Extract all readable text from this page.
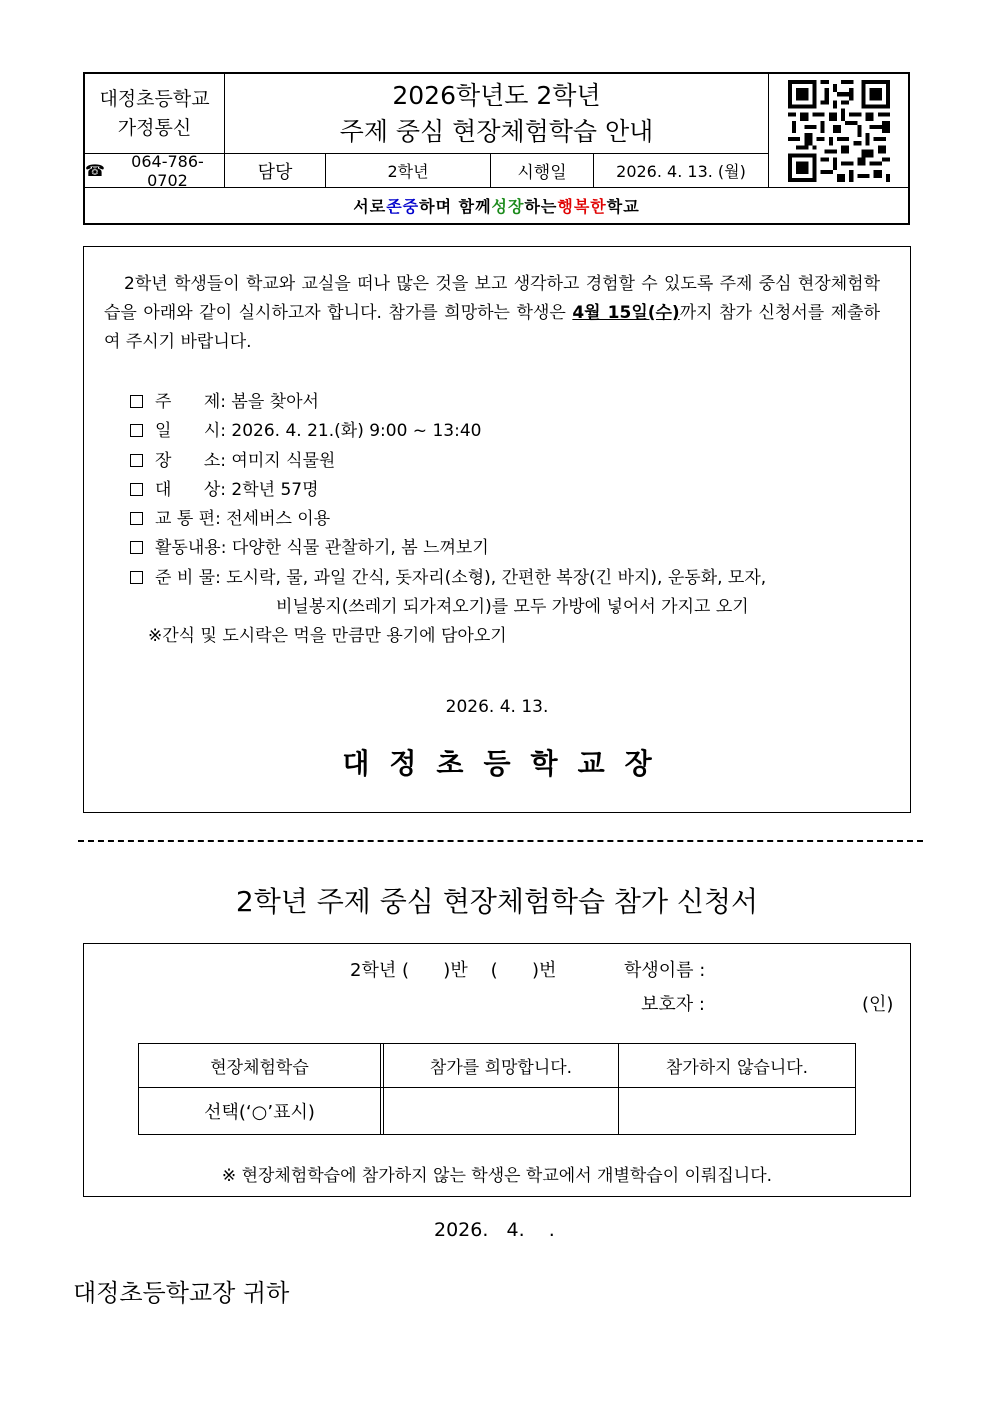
대정초등학교
가정통신
2026학년도 2학년
주제 중심 현장체험학습 안내
☎	064-786-0702	담당	2학년	시행일	2026. 4. 13. (월)
서로 존중 하며 함께 성장 하는 행복한 학교
2학년 학생들이 학교와 교실을 떠나 많은 것을 보고 생각하고 경험할 수 있도록 주제 중심 현장체험학습을 아래와 같이 실시하고자 합니다. 참가를 희망하는 학생은 4월 15일(수)까지 참가 신청서를 제출하여 주시기 바랍니다.
주      제: 봄을 찾아서
일      시: 2026. 4. 21.(화) 9:00 ~ 13:40
장      소: 여미지 식물원
대      상: 2학년 57명
교 통 편: 전세버스 이용
활동내용: 다양한 식물 관찰하기, 봄 느껴보기
준 비 물: 도시락, 물, 과일 간식, 돗자리(소형), 간편한 복장(긴 바지), 운동화, 모자,
비닐봉지(쓰레기 되가져오기)를 모두 가방에 넣어서 가지고 오기
※간식 및 도시락은 먹을 만큼만 용기에 담아오기
2026. 4. 13.
대정초등학교장
2학년 주제 중심 현장체험학습 참가 신청서
2학년 (      )반    (      )번	학생이름 :
보호자 :	(인)
현장체험학습	참가를 희망합니다.	참가하지 않습니다.
선택(‘○’표시)
※ 현장체험학습에 참가하지 않는 학생은 학교에서 개별학습이 이뤄집니다.
2026.   4.    .
대정초등학교장 귀하
